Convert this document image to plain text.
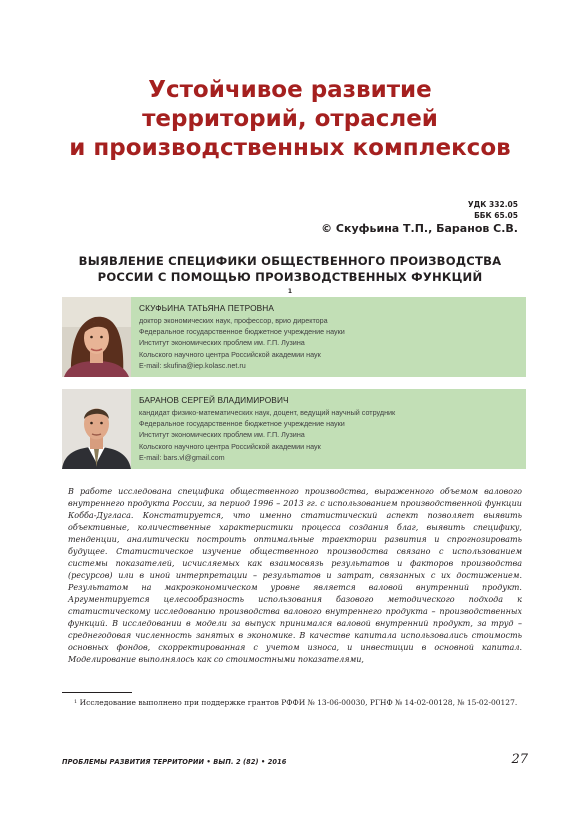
Устойчивое развитие
территорий, отраслей
и производственных комплексов
УДК 332.05
ББК 65.05
© Скуфьина Т.П., Баранов С.В.
ВЫЯВЛЕНИЕ СПЕЦИФИКИ ОБЩЕСТВЕННОГО ПРОИЗВОДСТВА
РОССИИ С ПОМОЩЬЮ ПРОИЗВОДСТВЕННЫХ ФУНКЦИЙ
$^1$

СКУФЬИНА ТАТЬЯНА ПЕТРОВНА

доктор экономических наук, профессор, врио директора

Федеральное государственное бюджетное учреждение науки

Институт экономических проблем им. Г.П. Лузина

Кольского научного центра Российской академии наук

E-mail: skufina@iep.kolasc.net.ru

БАРАНОВ СЕРГЕЙ ВЛАДИМИРОВИЧ

кандидат физико-математических наук, доцент, ведущий научный сотрудник

Федеральное государственное бюджетное учреждение науки

Институт экономических проблем им. Г.П. Лузина

Кольского научного центра Российской академии наук

E-mail: bars.vl@gmail.com

В работе исследована специфика общественного производства, выраженного объемом валового внутреннего продукта России, за период 1996 – 2013 гг. с использованием производственной функции Кобба-Дугласа. Констатируется, что именно статистический аспект позволяет выявить объективные, количественные характеристики процесса создания благ, выявить специфику, тенденции, аналитически построить оптимальные траектории развития и спрогнозировать будущее. Статистическое изучение общественного производства связано с использованием системы показателей, исчисляемых как взаимосвязь результатов и факторов производства (ресурсов) или в иной интерпретации – результатов и затрат, связанных с их достижением. Результатом на макроэкономическом уровне является валовой внутренний продукт. Аргументируется целесообразность использования базового методического подхода к статистическому исследованию производства валового внутреннего продукта – производственных функций. В исследовании в модели за выпуск принимался валовой внутренний продукт, за труд – среднегодовая численность занятых в экономике. В качестве капитала использовались стоимость основных фондов, скорректированная с учетом износа, и инвестиции в основной капитал. Моделирование выполнялось как со стоимостными показателями,

$^1$ Исследование выполнено при поддержке грантов РФФИ № 13-06-00030, РГНФ № 14-02-00128, № 15-02-00127.

ПРОБЛЕМЫ РАЗВИТИЯ ТЕРРИТОРИИ • ВЫП. 2 (82) • 2016	27
